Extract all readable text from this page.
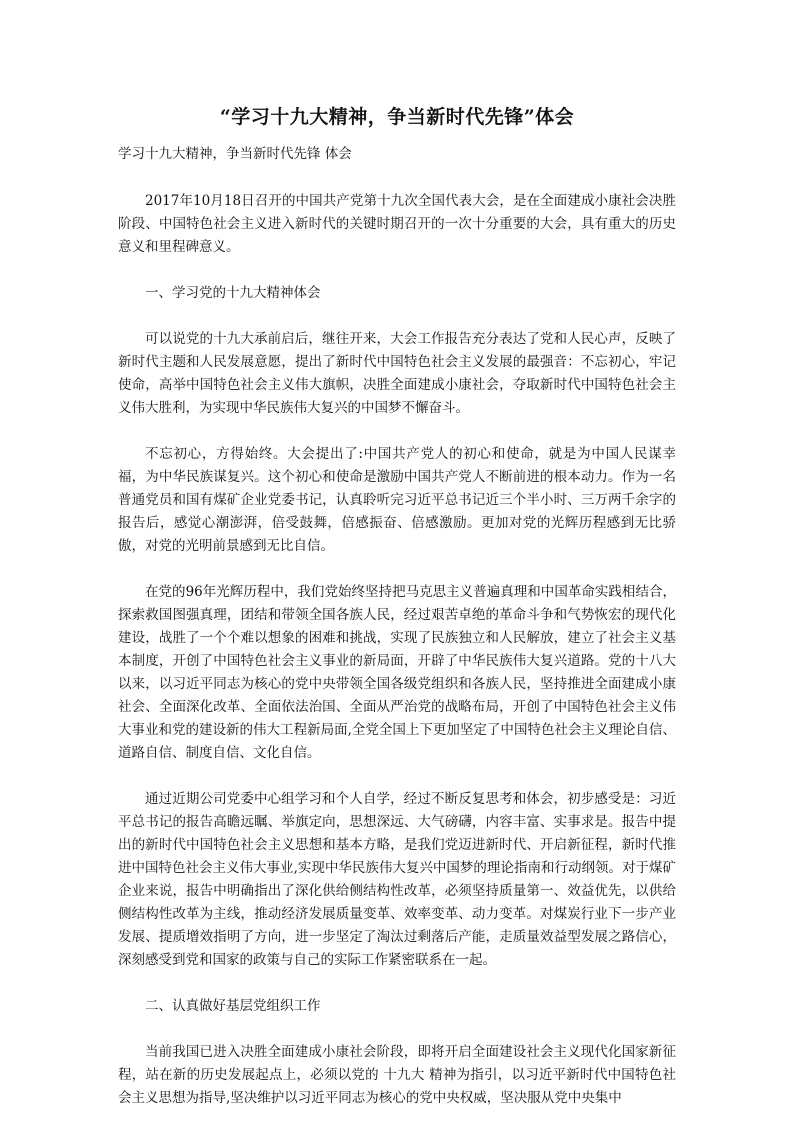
“学习十九大精神，争当新时代先锋”体会
学习十九大精神，争当新时代先锋 体会

2017年10月18日召开的中国共产党第十九次全国代表大会，是在全面建成小康社会决胜阶段、中国特色社会主义进入新时代的关键时期召开的一次十分重要的大会，具有重大的历史意义和里程碑意义。

一、学习党的十九大精神体会

可以说党的十九大承前启后，继往开来，大会工作报告充分表达了党和人民心声，反映了新时代主题和人民发展意愿，提出了新时代中国特色社会主义发展的最强音：不忘初心，牢记使命，高举中国特色社会主义伟大旗帜，决胜全面建成小康社会，夺取新时代中国特色社会主义伟大胜利，为实现中华民族伟大复兴的中国梦不懈奋斗。

不忘初心，方得始终。大会提出了:中国共产党人的初心和使命，就是为中国人民谋幸福，为中华民族谋复兴。这个初心和使命是激励中国共产党人不断前进的根本动力。作为一名普通党员和国有煤矿企业党委书记，认真聆听完习近平总书记近三个半小时、三万两千余字的报告后，感觉心潮澎湃，倍受鼓舞，倍感振奋、倍感激励。更加对党的光辉历程感到无比骄傲，对党的光明前景感到无比自信。

在党的96年光辉历程中，我们党始终坚持把马克思主义普遍真理和中国革命实践相结合，探索救国图强真理，团结和带领全国各族人民，经过艰苦卓绝的革命斗争和气势恢宏的现代化建设，战胜了一个个难以想象的困难和挑战，实现了民族独立和人民解放，建立了社会主义基本制度，开创了中国特色社会主义事业的新局面，开辟了中华民族伟大复兴道路。党的十八大 以来，以习近平同志为核心的党中央带领全国各级党组织和各族人民，坚持推进全面建成小康社会、全面深化改革、全面依法治国、全面从严治党的战略布局，开创了中国特色社会主义伟大事业和党的建设新的伟大工程新局面,全党全国上下更加坚定了中国特色社会主义理论自信、道路自信、制度自信、文化自信。

通过近期公司党委中心组学习和个人自学，经过不断反复思考和体会，初步感受是：习近平总书记的报告高瞻远瞩、举旗定向，思想深远、大气磅礴，内容丰富、实事求是。报告中提出的新时代中国特色社会主义思想和基本方略，是我们党迈进新时代、开启新征程，新时代推进中国特色社会主义伟大事业,实现中华民族伟大复兴中国梦的理论指南和行动纲领。对于煤矿企业来说，报告中明确指出了深化供给侧结构性改革，必须坚持质量第一、效益优先，以供给侧结构性改革为主线，推动经济发展质量变革、效率变革、动力变革。对煤炭行业下一步产业发展、提质增效指明了方向，进一步坚定了淘汰过剩落后产能，走质量效益型发展之路信心，深刻感受到党和国家的政策与自己的实际工作紧密联系在一起。

二、认真做好基层党组织工作

当前我国已进入决胜全面建成小康社会阶段，即将开启全面建设社会主义现代化国家新征程，站在新的历史发展起点上，必须以党的 十九大 精神为指引，以习近平新时代中国特色社会主义思想为指导,坚决维护以习近平同志为核心的党中央权威，坚决服从党中央集中
